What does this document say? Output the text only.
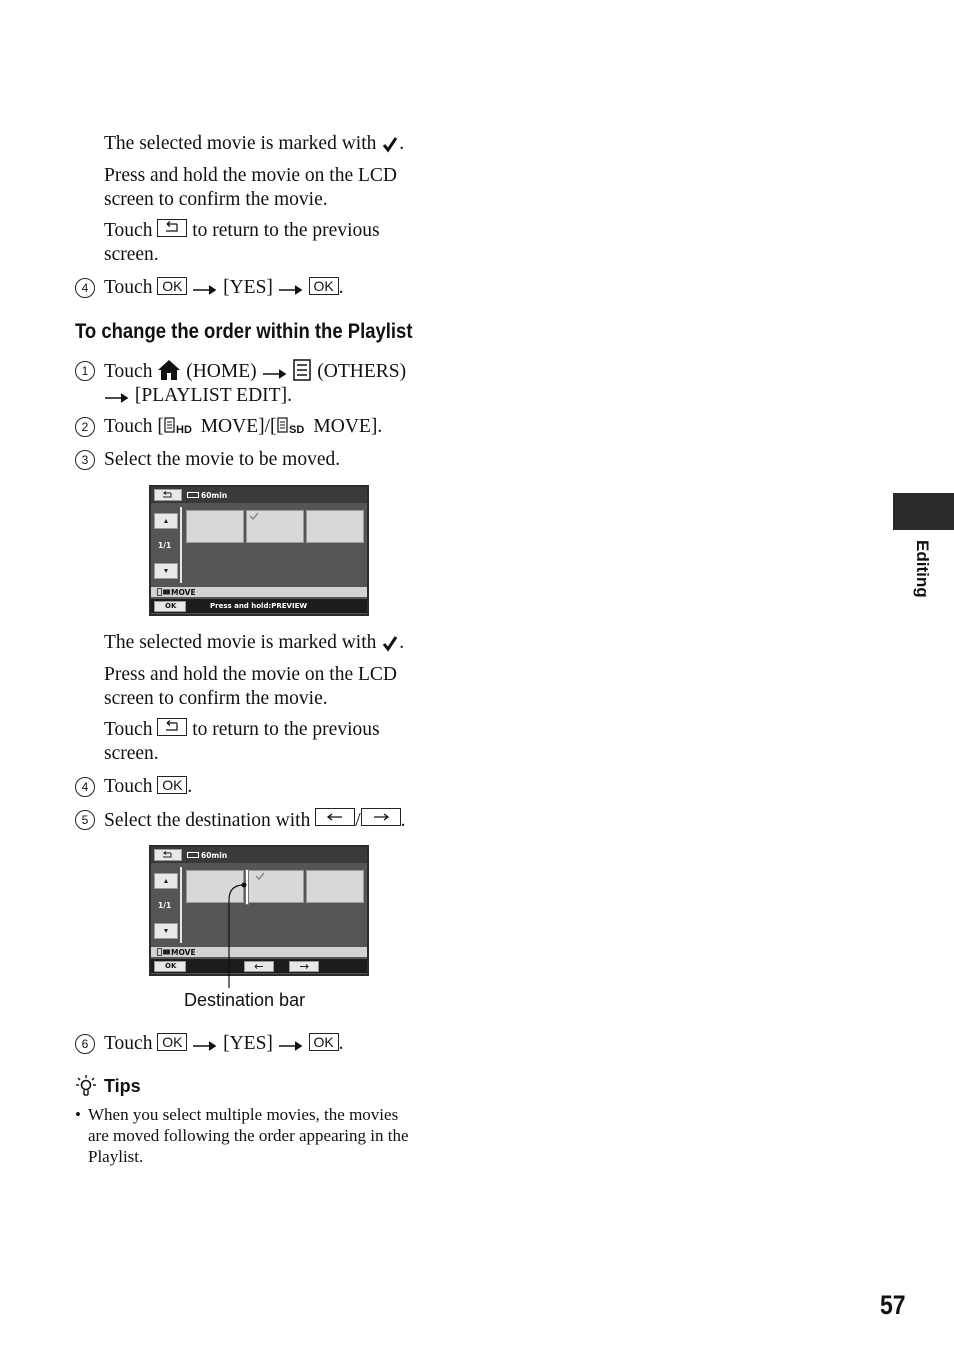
The selected movie is marked with .
Press and hold the movie on the LCD
screen to confirm the movie.
Touch to return to the previous
screen.
4 Touch OK [YES]	OK .
To change the order within the Playlist
1 Touch (HOME)	(OTHERS)
[PLAYLIST EDIT].
2 Touch [ HD MOVE]/[ SD MOVE].
3 Select the movie to be moved.
60min
1/1
MOVE
OK	Press and hold:PREVIEW
The selected movie is marked with .
Press and hold the movie on the LCD
screen to confirm the movie.
Touch to return to the previous
screen.
4 Touch OK .
5 Select the destination with / .
60min
1/1
MOVE
OK
Destination bar
6 Touch OK [YES]	OK .
Tips
• When you select multiple movies, the movies
are moved following the order appearing in the
Playlist.
Editing
57
